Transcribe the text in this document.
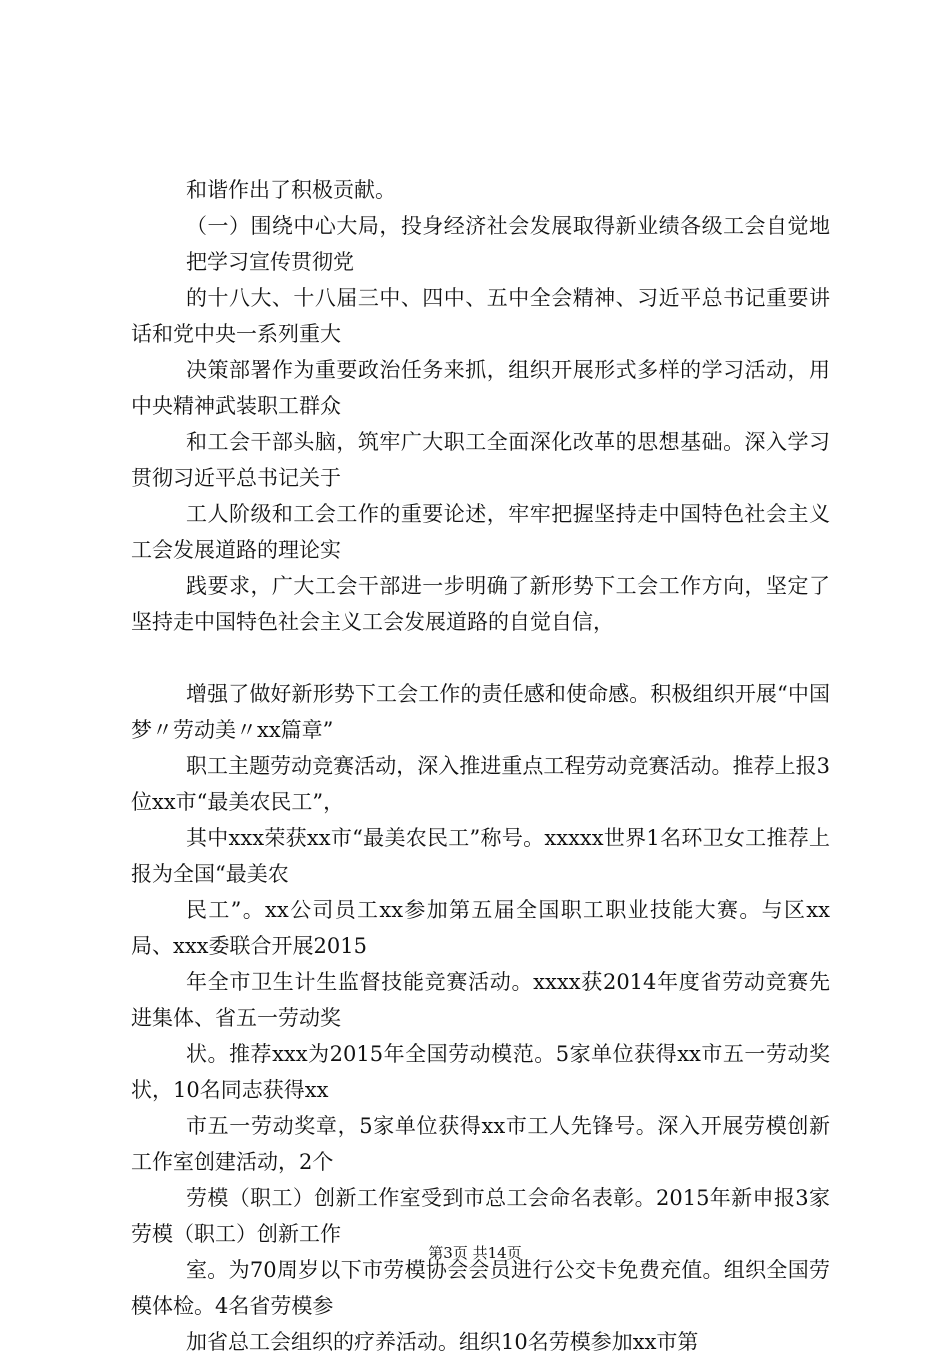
和谐作出了积极贡献。

（一）围绕中心大局，投身经济社会发展取得新业绩各级工会自觉地把学习宣传贯彻党

的十八大、十八届三中、四中、五中全会精神、习近平总书记重要讲话和党中央一系列重大

决策部署作为重要政治任务来抓，组织开展形式多样的学习活动，用中央精神武装职工群众

和工会干部头脑，筑牢广大职工全面深化改革的思想基础。深入学习贯彻习近平总书记关于

工人阶级和工会工作的重要论述，牢牢把握坚持走中国特色社会主义工会发展道路的理论实

践要求，广大工会干部进一步明确了新形势下工会工作方向，坚定了坚持走中国特色社会主义工会发展道路的自觉自信，

增强了做好新形势下工会工作的责任感和使命感。积极组织开展“中国梦〃劳动美〃xx篇章”

职工主题劳动竞赛活动，深入推进重点工程劳动竞赛活动。推荐上报3位xx市“最美农民工”，

其中xxx荣获xx市“最美农民工”称号。xxxxx世界1名环卫女工推荐上报为全国“最美农

民工”。xx公司员工xx参加第五届全国职工职业技能大赛。与区xx局、xxx委联合开展2015

年全市卫生计生监督技能竞赛活动。xxxx获2014年度省劳动竞赛先进集体、省五一劳动奖

状。推荐xxx为2015年全国劳动模范。5家单位获得xx市五一劳动奖状，10名同志获得xx

市五一劳动奖章，5家单位获得xx市工人先锋号。深入开展劳模创新工作室创建活动，2个

劳模（职工）创新工作室受到市总工会命名表彰。2015年新申报3家劳模（职工）创新工作

室。为70周岁以下市劳模协会会员进行公交卡免费充值。组织全国劳模体检。4名省劳模参

加省总工会组织的疗养活动。组织10名劳模参加xx市第

第3页 共14页
